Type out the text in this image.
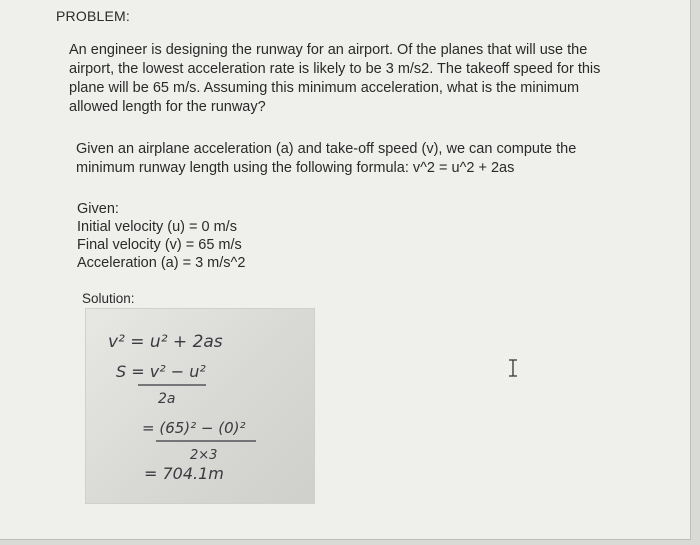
PROBLEM:
An engineer is designing the runway for an airport. Of the planes that will use the airport, the lowest acceleration rate is likely to be 3 m/s2. The takeoff speed for this plane will be 65 m/s. Assuming this minimum acceleration, what is the minimum allowed length for the runway?
Given an airplane acceleration (a) and take-off speed (v), we can compute the minimum runway length using the following formula: v^2 = u^2 + 2as
Given:
Initial velocity (u) = 0 m/s
Final velocity (v) = 65 m/s
Acceleration (a) = 3 m/s^2
Solution:
v² = u² + 2as
S = v² − u²
2a
= (65)² − (0)²
2×3
= 704.1m
